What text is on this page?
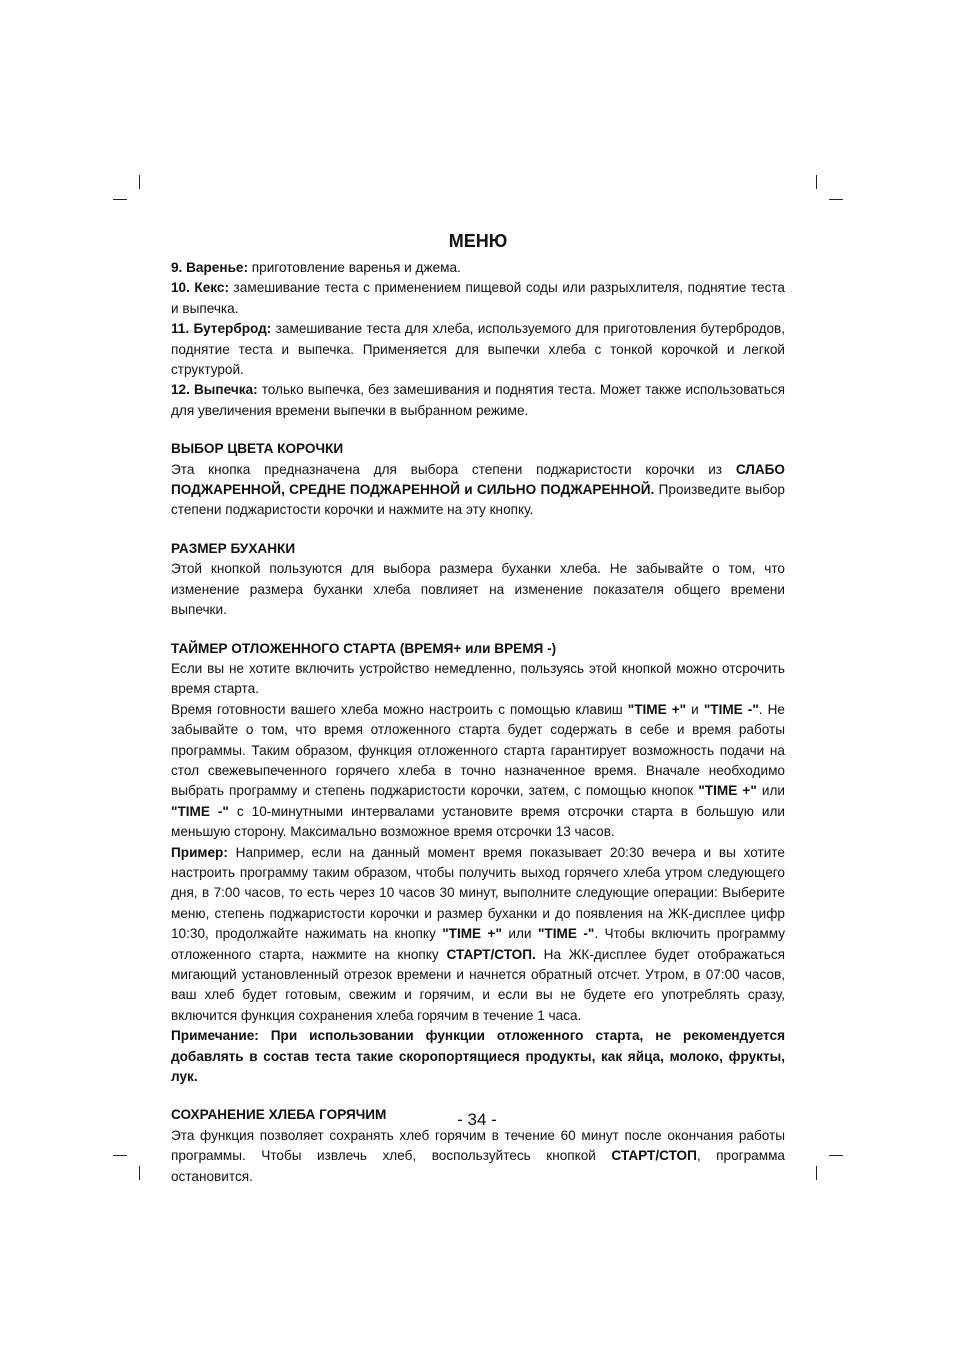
МЕНЮ

9. Варенье: приготовление варенья и джема.

10. Кекс: замешивание теста с применением пищевой соды или разрыхлителя, поднятие теста и выпечка.

11. Бутерброд: замешивание теста для хлеба, используемого для приготовления бутербродов, поднятие теста и выпечка. Применяется для выпечки хлеба с тонкой корочкой и легкой структурой.

12. Выпечка: только выпечка, без замешивания и поднятия теста. Может также использоваться для увеличения времени выпечки в выбранном режиме.

ВЫБОР ЦВЕТА КОРОЧКИ

Эта кнопка предназначена для выбора степени поджаристости корочки из СЛАБО ПОДЖАРЕННОЙ, СРЕДНЕ ПОДЖАРЕННОЙ и СИЛЬНО ПОДЖАРЕННОЙ. Произведите выбор степени поджаристости корочки и нажмите на эту кнопку.

РАЗМЕР БУХАНКИ

Этой кнопкой пользуются для выбора размера буханки хлеба. Не забывайте о том, что изменение размера буханки хлеба повлияет на изменение показателя общего времени выпечки.

ТАЙМЕР ОТЛОЖЕННОГО СТАРТА (ВРЕМЯ+ или ВРЕМЯ -)

Если вы не хотите включить устройство немедленно, пользуясь этой кнопкой можно отсрочить время старта.

Время готовности вашего хлеба можно настроить с помощью клавиш "TIME +" и "TIME -". Не забывайте о том, что время отложенного старта будет содержать в себе и время работы программы. Таким образом, функция отложенного старта гарантирует возможность подачи на стол свежевыпеченного горячего хлеба в точно назначенное время. Вначале необходимо выбрать программу и степень поджаристости корочки, затем, с помощью кнопок "TIME +" или "TIME -" с 10-минутными интервалами установите время отсрочки старта в большую или меньшую сторону. Максимально возможное время отсрочки 13 часов.

Пример: Например, если на данный момент время показывает 20:30 вечера и вы хотите настроить программу таким образом, чтобы получить выход горячего хлеба утром следующего дня, в 7:00 часов, то есть через 10 часов 30 минут, выполните следующие операции: Выберите меню, степень поджаристости корочки и размер буханки и до появления на ЖК-дисплее цифр 10:30, продолжайте нажимать на кнопку "TIME +" или "TIME -". Чтобы включить программу отложенного старта, нажмите на кнопку СТАРТ/СТОП. На ЖК-дисплее будет отображаться мигающий установленный отрезок времени и начнется обратный отсчет. Утром, в 07:00 часов, ваш хлеб будет готовым, свежим и горячим, и если вы не будете его употреблять сразу, включится функция сохранения хлеба горячим в течение 1 часа.

Примечание: При использовании функции отложенного старта, не рекомендуется добавлять в состав теста такие скоропортящиеся продукты, как яйца, молоко, фрукты, лук.

СОХРАНЕНИЕ ХЛЕБА ГОРЯЧИМ

Эта функция позволяет сохранять хлеб горячим в течение 60 минут после окончания работы программы. Чтобы извлечь хлеб, воспользуйтесь кнопкой СТАРТ/СТОП, программа остановится.

- 34 -
